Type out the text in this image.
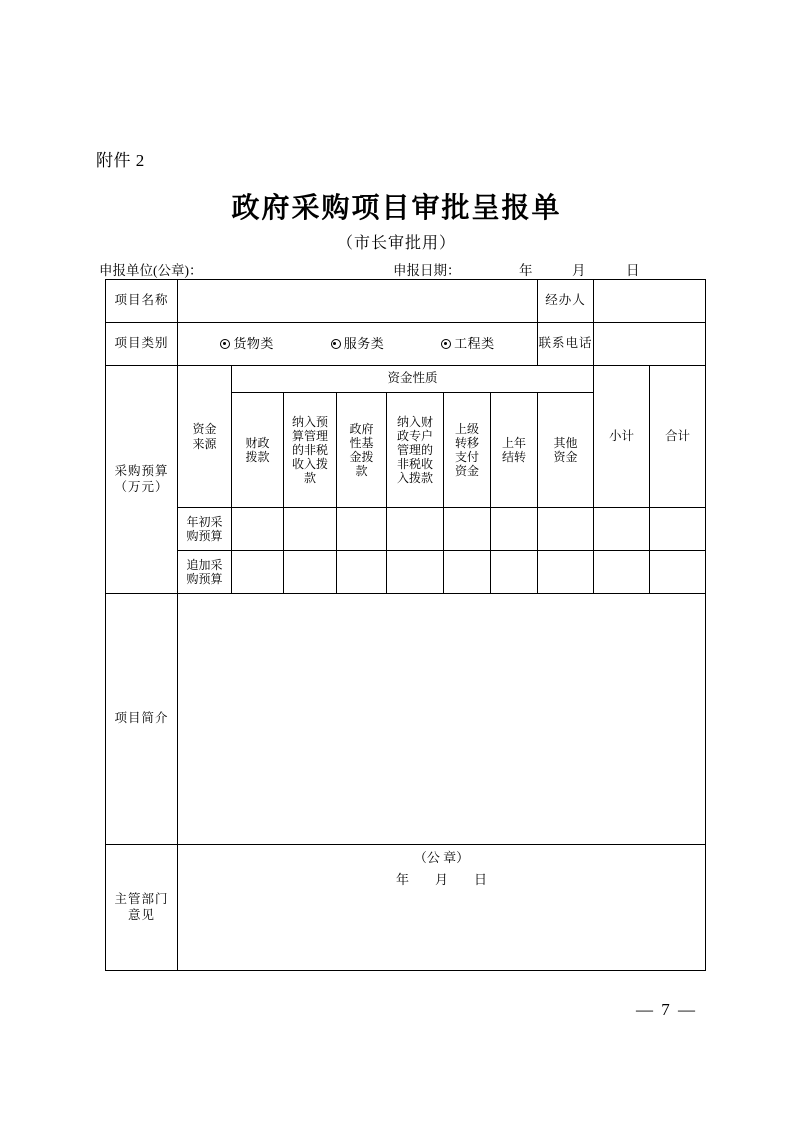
附件 2
政府采购项目审批呈报单
（市长审批用）
申报单位(公章)：	申报日期：	年	月	日
项目名称								经办人		
项目类别	货物类 服务类 工程类							联系电话		

采购预算
（万元）	资金来源	资金性质							小计	合计

		财政拨款	纳入预算管理的非税收入拨款	政府性基金拨款	纳入财政专户管理的非税收入拨款	上级转移支付资金	上年结转	其他资金		

	年初采购预算									

	追加采购预算									

项目简介										

主管部门
意见

（公 章）
年 月 日
— 7 —
